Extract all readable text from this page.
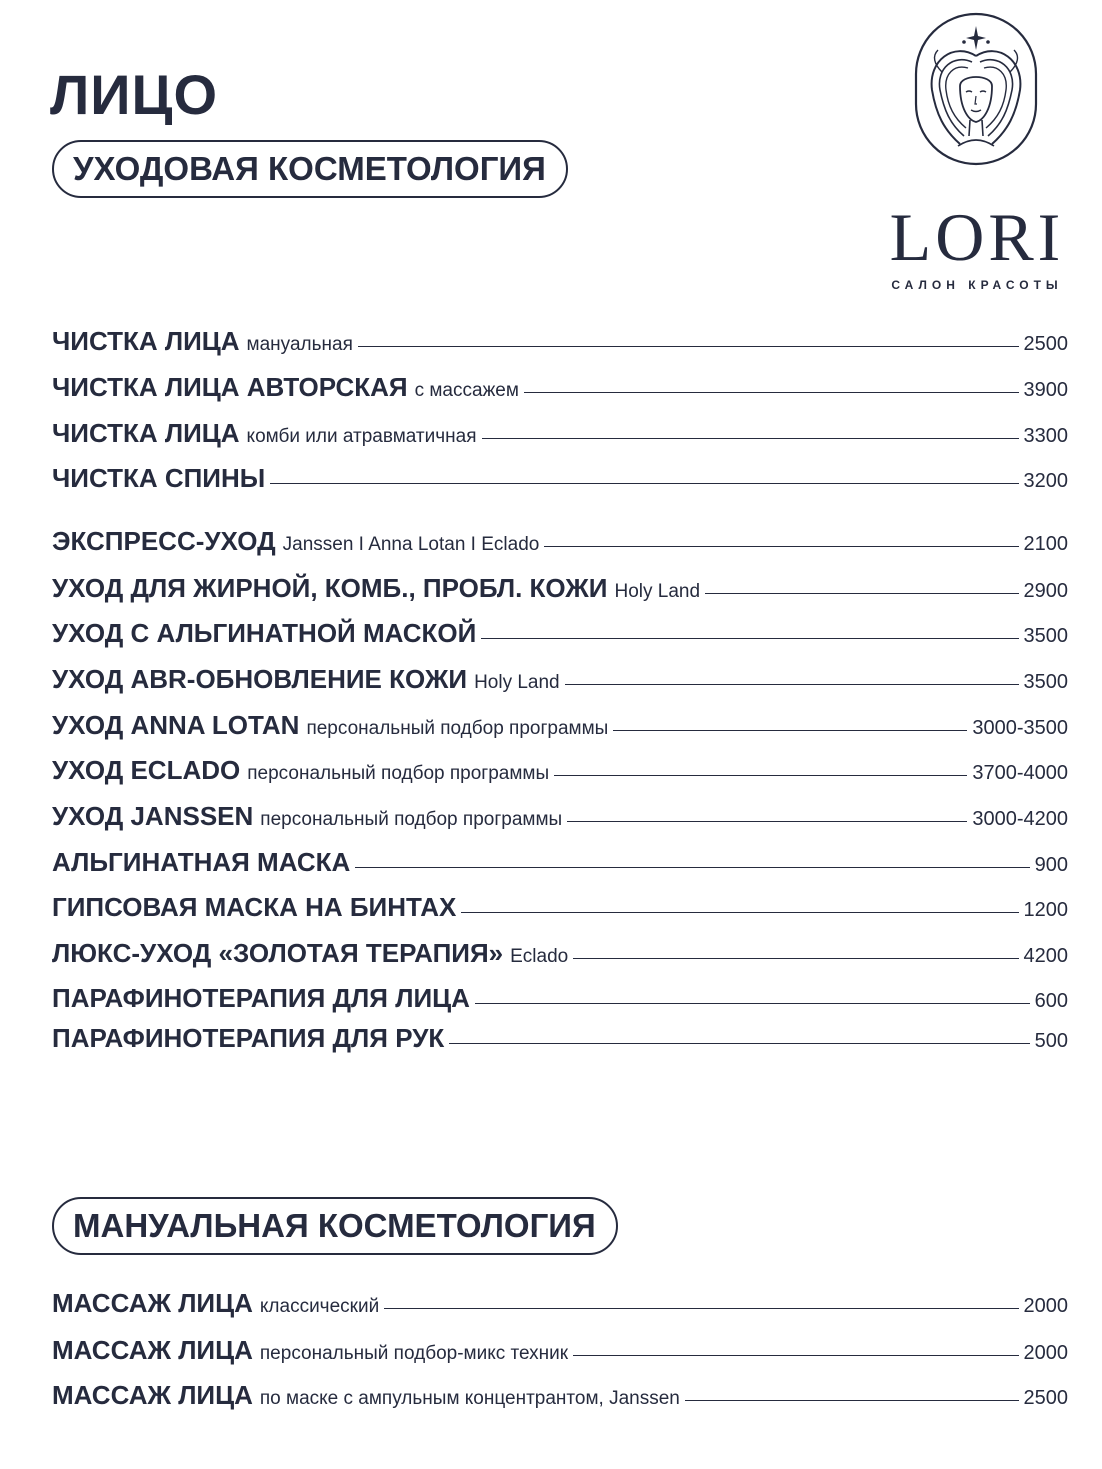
ЛИЦО
УХОДОВАЯ КОСМЕТОЛОГИЯ
LORI
САЛОН КРАСОТЫ
ЧИСТКА ЛИЦА мануальная	2500
ЧИСТКА ЛИЦА АВТОРСКАЯ с массажем	3900
ЧИСТКА ЛИЦА комби или атравматичная	3300
ЧИСТКА СПИНЫ	3200
ЭКСПРЕСС-УХОД Janssen I Anna Lotan I Eclado	2100
УХОД ДЛЯ ЖИРНОЙ, КОМБ., ПРОБЛ. КОЖИ Holy Land	2900
УХОД С АЛЬГИНАТНОЙ МАСКОЙ	3500
УХОД ABR-ОБНОВЛЕНИЕ КОЖИ Holy Land	3500
УХОД ANNA LOTAN персональный подбор программы	3000-3500
УХОД ECLADO персональный подбор программы	3700-4000
УХОД JANSSEN персональный подбор программы	3000-4200
АЛЬГИНАТНАЯ МАСКА	900
ГИПСОВАЯ МАСКА НА БИНТАХ	1200
ЛЮКС-УХОД «ЗОЛОТАЯ ТЕРАПИЯ» Eclado	4200
ПАРАФИНОТЕРАПИЯ ДЛЯ ЛИЦА	600
ПАРАФИНОТЕРАПИЯ ДЛЯ РУК	500
МАНУАЛЬНАЯ КОСМЕТОЛОГИЯ
МАССАЖ ЛИЦА классический	2000
МАССАЖ ЛИЦА персональный подбор-микс техник	2000
МАССАЖ ЛИЦА по маске с ампульным концентрантом, Janssen	2500
